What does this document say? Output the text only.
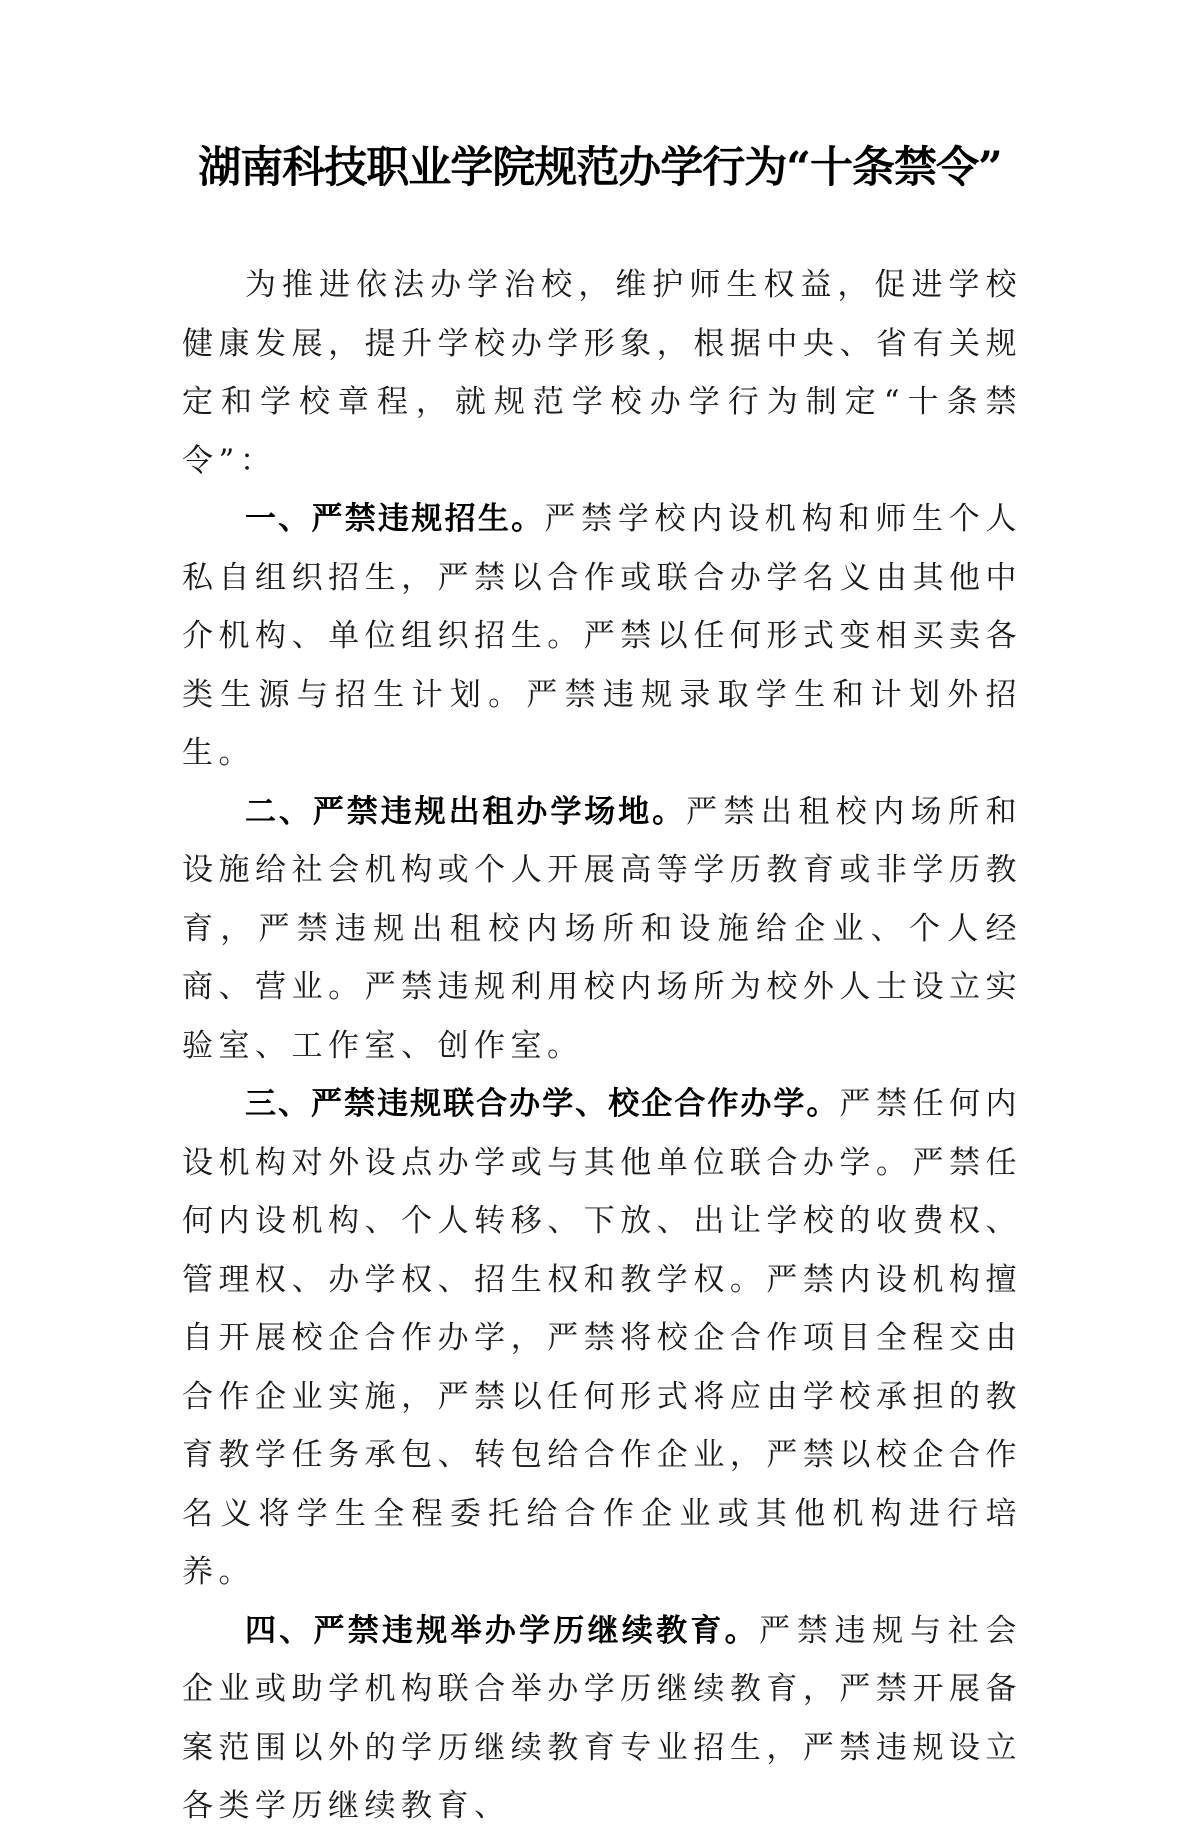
湖南科技职业学院规范办学行为“十条禁令”

为推进依法办学治校，维护师生权益，促进学校健康发展，提升学校办学形象，根据中央、省有关规定和学校章程，就规范学校办学行为制定“十条禁令”：

一、严禁违规招生。严禁学校内设机构和师生个人私自组织招生，严禁以合作或联合办学名义由其他中介机构、单位组织招生。严禁以任何形式变相买卖各类生源与招生计划。严禁违规录取学生和计划外招生。

二、严禁违规出租办学场地。严禁出租校内场所和设施给社会机构或个人开展高等学历教育或非学历教育，严禁违规出租校内场所和设施给企业、个人经商、营业。严禁违规利用校内场所为校外人士设立实验室、工作室、创作室。

三、严禁违规联合办学、校企合作办学。严禁任何内设机构对外设点办学或与其他单位联合办学。严禁任何内设机构、个人转移、下放、出让学校的收费权、管理权、办学权、招生权和教学权。严禁内设机构擅自开展校企合作办学，严禁将校企合作项目全程交由合作企业实施，严禁以任何形式将应由学校承担的教育教学任务承包、转包给合作企业，严禁以校企合作名义将学生全程委托给合作企业或其他机构进行培养。

四、严禁违规举办学历继续教育。严禁违规与社会企业或助学机构联合举办学历继续教育，严禁开展备案范围以外的学历继续教育专业招生，严禁违规设立各类学历继续教育、
